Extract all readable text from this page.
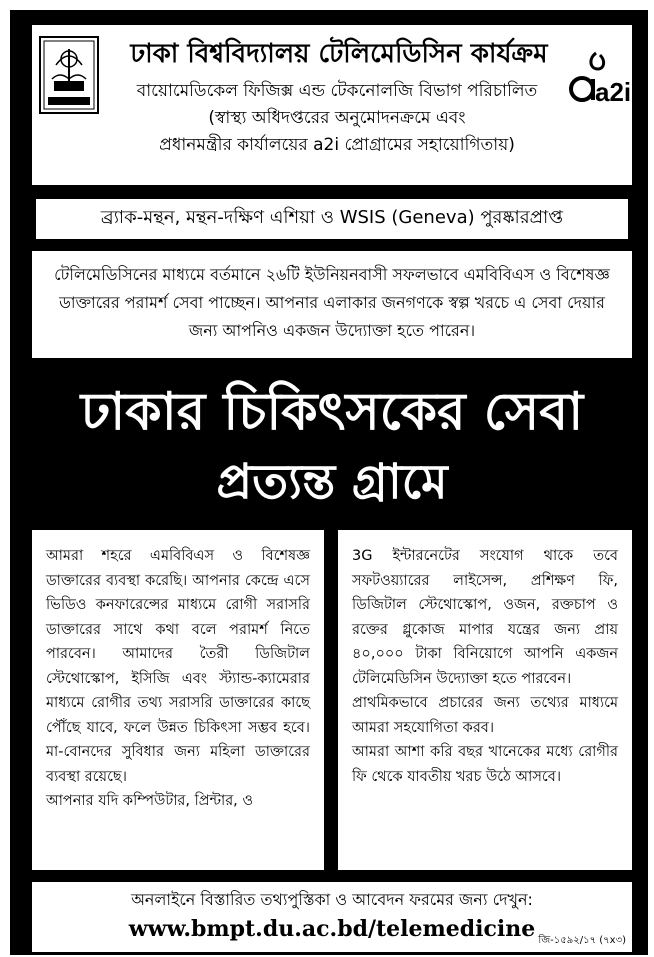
ঢাকা বিশ্ববিদ্যালয় টেলিমেডিসিন কার্যক্রম
বায়োমেডিকেল ফিজিক্স এন্ড টেকনোলজি বিভাগ পরিচালিত
(স্বাস্থ্য অধিদপ্তরের অনুমোদনক্রমে এবং
প্রধানমন্ত্রীর কার্যালয়ের a2i প্রোগ্রামের সহায়োগিতায়)
a2i
ব্র্যাক-মন্থন, মন্থন-দক্ষিণ এশিয়া ও WSIS (Geneva) পুরষ্কারপ্রাপ্ত
টেলিমেডিসিনের মাধ্যমে বর্তমানে ২৬টি ইউনিয়নবাসী সফলভাবে এমবিবিএস ও বিশেষজ্ঞ ডাক্তারের পরামর্শ সেবা পাচ্ছেন। আপনার এলাকার জনগণকে স্বল্প খরচে এ সেবা দেয়ার জন্য আপনিও একজন উদ্যোক্তা হতে পারেন।
ঢাকার চিকিৎসকের সেবা
প্রত্যন্ত গ্রামে

আমরা শহরে এমবিবিএস ও বিশেষজ্ঞ ডাক্তারের ব্যবস্থা করেছি। আপনার কেন্দ্রে এসে ভিডিও কনফারেন্সের মাধ্যমে রোগী সরাসরি ডাক্তারের সাথে কথা বলে পরামর্শ নিতে পারবেন। আমাদের তৈরী ডিজিটাল স্টেথোস্কোপ, ইসিজি এবং স্ট্যান্ড-ক্যামেরার মাধ্যমে রোগীর তথ্য সরাসরি ডাক্তারের কাছে পৌঁছে যাবে, ফলে উন্নত চিকিৎসা সম্ভব হবে। মা-বোনদের সুবিধার জন্য মহিলা ডাক্তারের ব্যবস্থা রয়েছে।

আপনার যদি কম্পিউটার, প্রিন্টার, ও

3G ইন্টারনেটের সংযোগ থাকে তবে সফটওয়্যারের লাইসেন্স, প্রশিক্ষণ ফি, ডিজিটাল স্টেথোস্কোপ, ওজন, রক্তচাপ ও রক্তের গ্লুকোজ মাপার যন্ত্রের জন্য প্রায় ৪০,০০০ টাকা বিনিয়োগে আপনি একজন টেলিমেডিসিন উদ্যোক্তা হতে পারবেন।

প্রাথমিকভাবে প্রচারের জন্য তথ্যের মাধ্যমে আমরা সহযোগিতা করব।

আমরা আশা করি বছর খানেকের মধ্যে রোগীর ফি থেকে যাবতীয় খরচ উঠে আসবে।

অনলাইনে বিস্তারিত তথ্যপুস্তিকা ও আবেদন ফরমের জন্য দেখুন:
www.bmpt.du.ac.bd/telemedicine জি-১৫৯২/১৭ (৭x৩)
